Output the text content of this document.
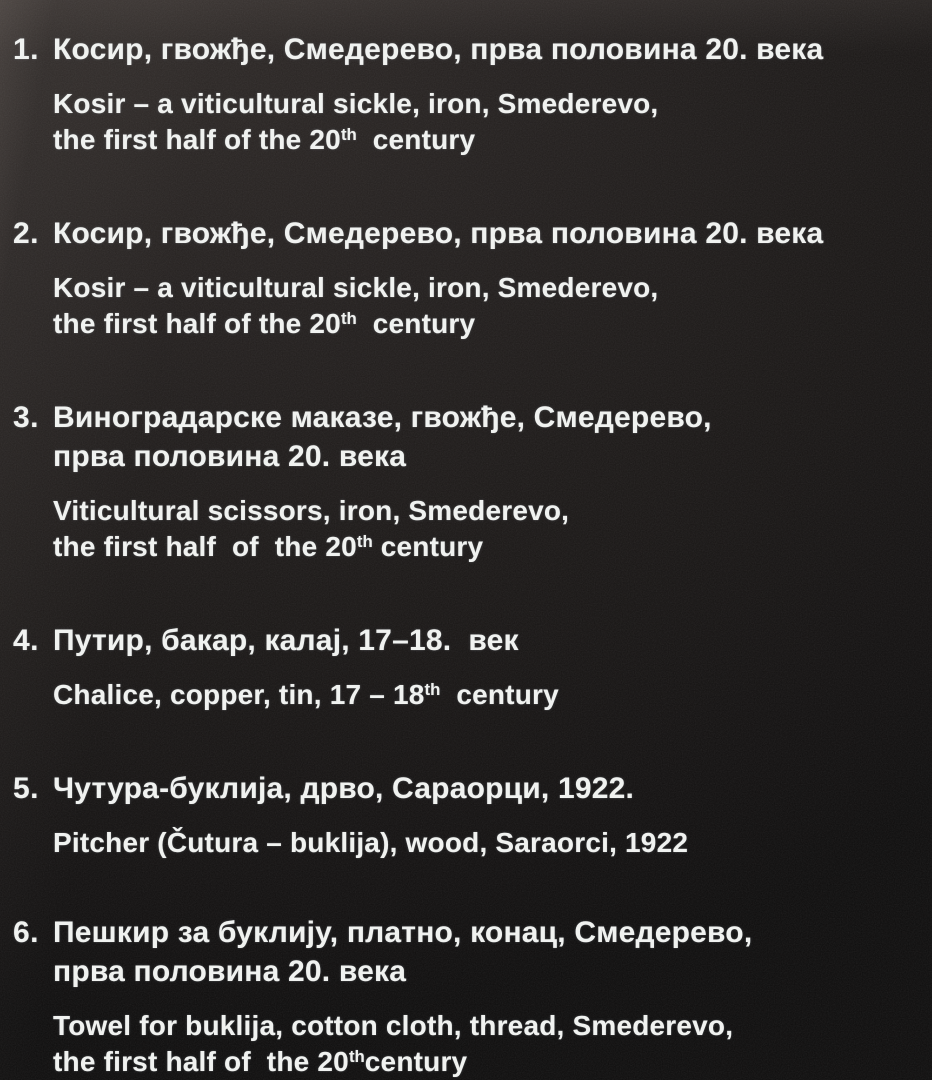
1. Косир, гвожђе, Смедерево, прва половина 20. века
Kosir – a viticultural sickle, iron, Smederevo,
the first half of the 20th  century
2. Косир, гвожђе, Смедерево, прва половина 20. века
Kosir – a viticultural sickle, iron, Smederevo,
the first half of the 20th  century
3. Виноградарске маказе, гвожђе, Смедерево,
прва половина 20. века
Viticultural scissors, iron, Smederevo,
the first half  of  the 20th century
4. Путир, бакар, калај, 17–18.  век
Chalice, copper, tin, 17 – 18th  century
5. Чутура-буклија, дрво, Сараорци, 1922.
Pitcher (Čutura – buklija), wood, Saraorci, 1922
6. Пешкир за буклију, платно, конац, Смедерево,
прва половина 20. века
Towel for buklija, cotton cloth, thread, Smederevo,
the first half of  the 20thcentury
